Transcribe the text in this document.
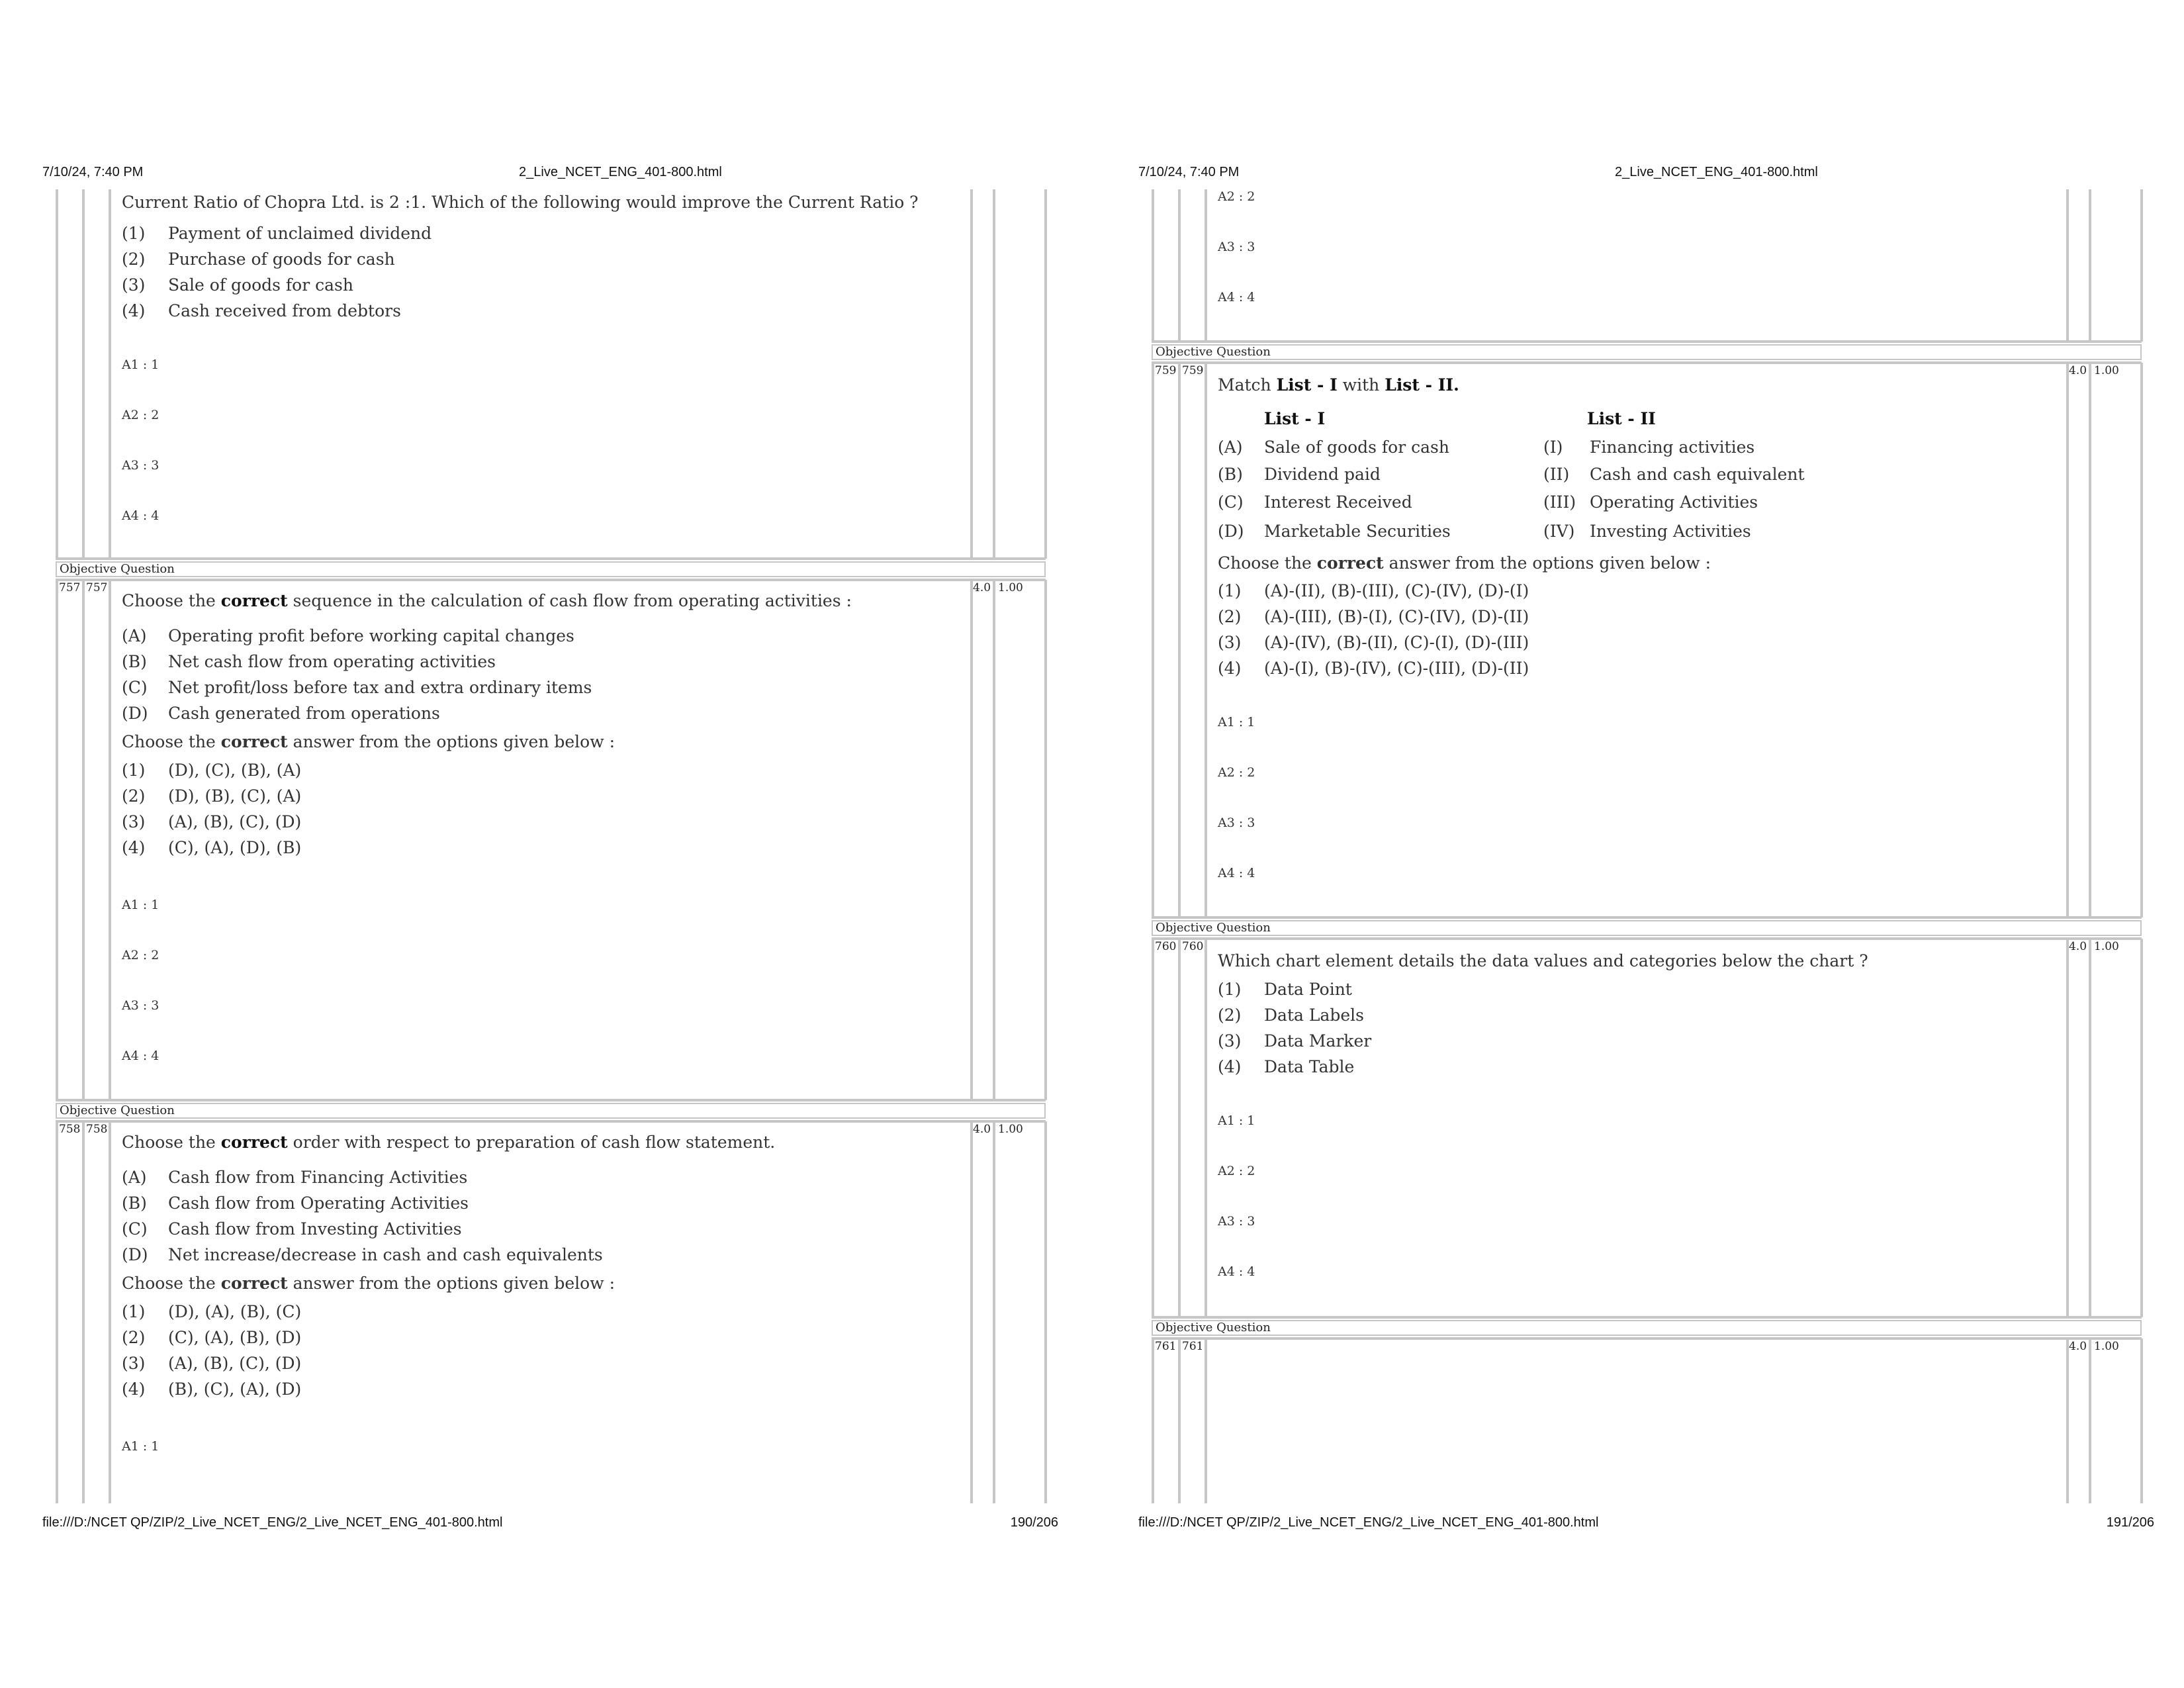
7/10/24, 7:40 PM	2_Live_NCET_ENG_401-800.html
Current Ratio of Chopra Ltd. is 2 :1. Which of the following would improve the Current Ratio ?
(1) Payment of unclaimed dividend
(2) Purchase of goods for cash
(3) Sale of goods for cash
(4) Cash received from debtors
A1 : 1
A2 : 2
A3 : 3
A4 : 4
Objective Question
757 757	4.0 1.00
Choose the correct sequence in the calculation of cash flow from operating activities :
(A) Operating profit before working capital changes
(B) Net cash flow from operating activities
(C) Net profit/loss before tax and extra ordinary items
(D) Cash generated from operations
Choose the correct answer from the options given below :
(1) (D), (C), (B), (A)
(2) (D), (B), (C), (A)
(3) (A), (B), (C), (D)
(4) (C), (A), (D), (B)
A1 : 1
A2 : 2
A3 : 3
A4 : 4
Objective Question
758 758	4.0 1.00
Choose the correct order with respect to preparation of cash flow statement.
(A) Cash flow from Financing Activities
(B) Cash flow from Operating Activities
(C) Cash flow from Investing Activities
(D) Net increase/decrease in cash and cash equivalents
Choose the correct answer from the options given below :
(1) (D), (A), (B), (C)
(2) (C), (A), (B), (D)
(3) (A), (B), (C), (D)
(4) (B), (C), (A), (D)
A1 : 1
file:///D:/NCET QP/ZIP/2_Live_NCET_ENG/2_Live_NCET_ENG_401-800.html	190/206
7/10/24, 7:40 PM	2_Live_NCET_ENG_401-800.html
A2 : 2
A3 : 3
A4 : 4
Objective Question
759 759	4.0 1.00
Match List - I with List - II.
List - I	List - II
(A) Sale of goods for cash	(I) Financing activities
(B) Dividend paid	(II) Cash and cash equivalent
(C) Interest Received	(III) Operating Activities
(D) Marketable Securities	(IV) Investing Activities
Choose the correct answer from the options given below :
(1) (A)-(II), (B)-(III), (C)-(IV), (D)-(I)
(2) (A)-(III), (B)-(I), (C)-(IV), (D)-(II)
(3) (A)-(IV), (B)-(II), (C)-(I), (D)-(III)
(4) (A)-(I), (B)-(IV), (C)-(III), (D)-(II)
A1 : 1
A2 : 2
A3 : 3
A4 : 4
Objective Question
760 760	4.0 1.00
Which chart element details the data values and categories below the chart ?
(1) Data Point
(2) Data Labels
(3) Data Marker
(4) Data Table
A1 : 1
A2 : 2
A3 : 3
A4 : 4
Objective Question
761 761	4.0 1.00
file:///D:/NCET QP/ZIP/2_Live_NCET_ENG/2_Live_NCET_ENG_401-800.html	191/206
